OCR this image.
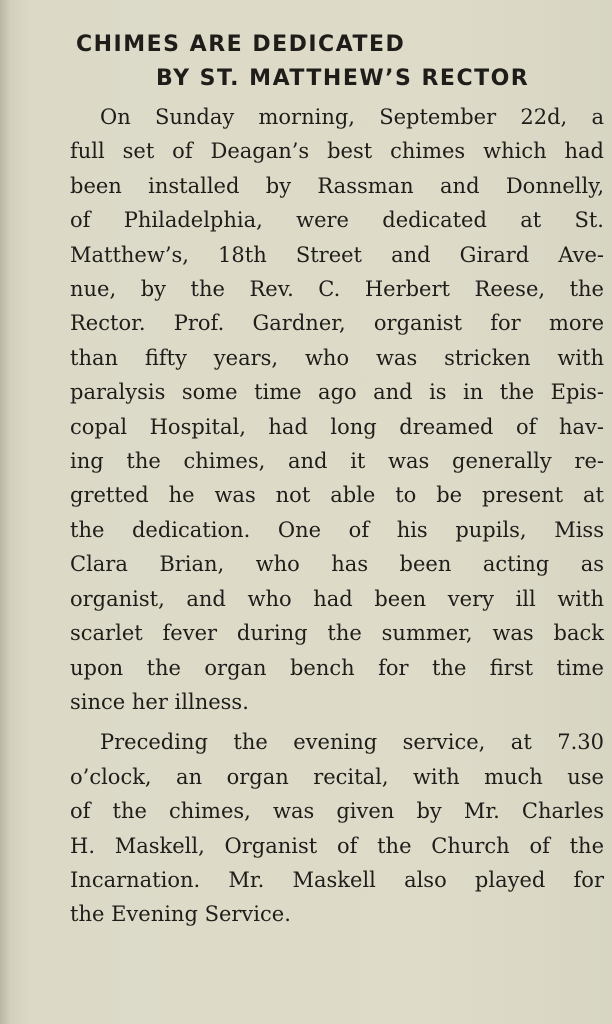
CHIMES ARE DEDICATED
BY ST. MATTHEW’S RECTOR
On Sunday morning, September 22d, a
full set of Deagan’s best chimes which had
been installed by Rassman and Donnelly,
of Philadelphia, were dedicated at St.
Matthew’s, 18th Street and Girard Ave-
nue, by the Rev. C. Herbert Reese, the
Rector. Prof. Gardner, organist for more
than fifty years, who was stricken with
paralysis some time ago and is in the Epis-
copal Hospital, had long dreamed of hav-
ing the chimes, and it was generally re-
gretted he was not able to be present at
the dedication. One of his pupils, Miss
Clara Brian, who has been acting as
organist, and who had been very ill with
scarlet fever during the summer, was back
upon the organ bench for the first time
since her illness.
Preceding the evening service, at 7.30
o’clock, an organ recital, with much use
of the chimes, was given by Mr. Charles
H. Maskell, Organist of the Church of the
Incarnation. Mr. Maskell also played for
the Evening Service.
